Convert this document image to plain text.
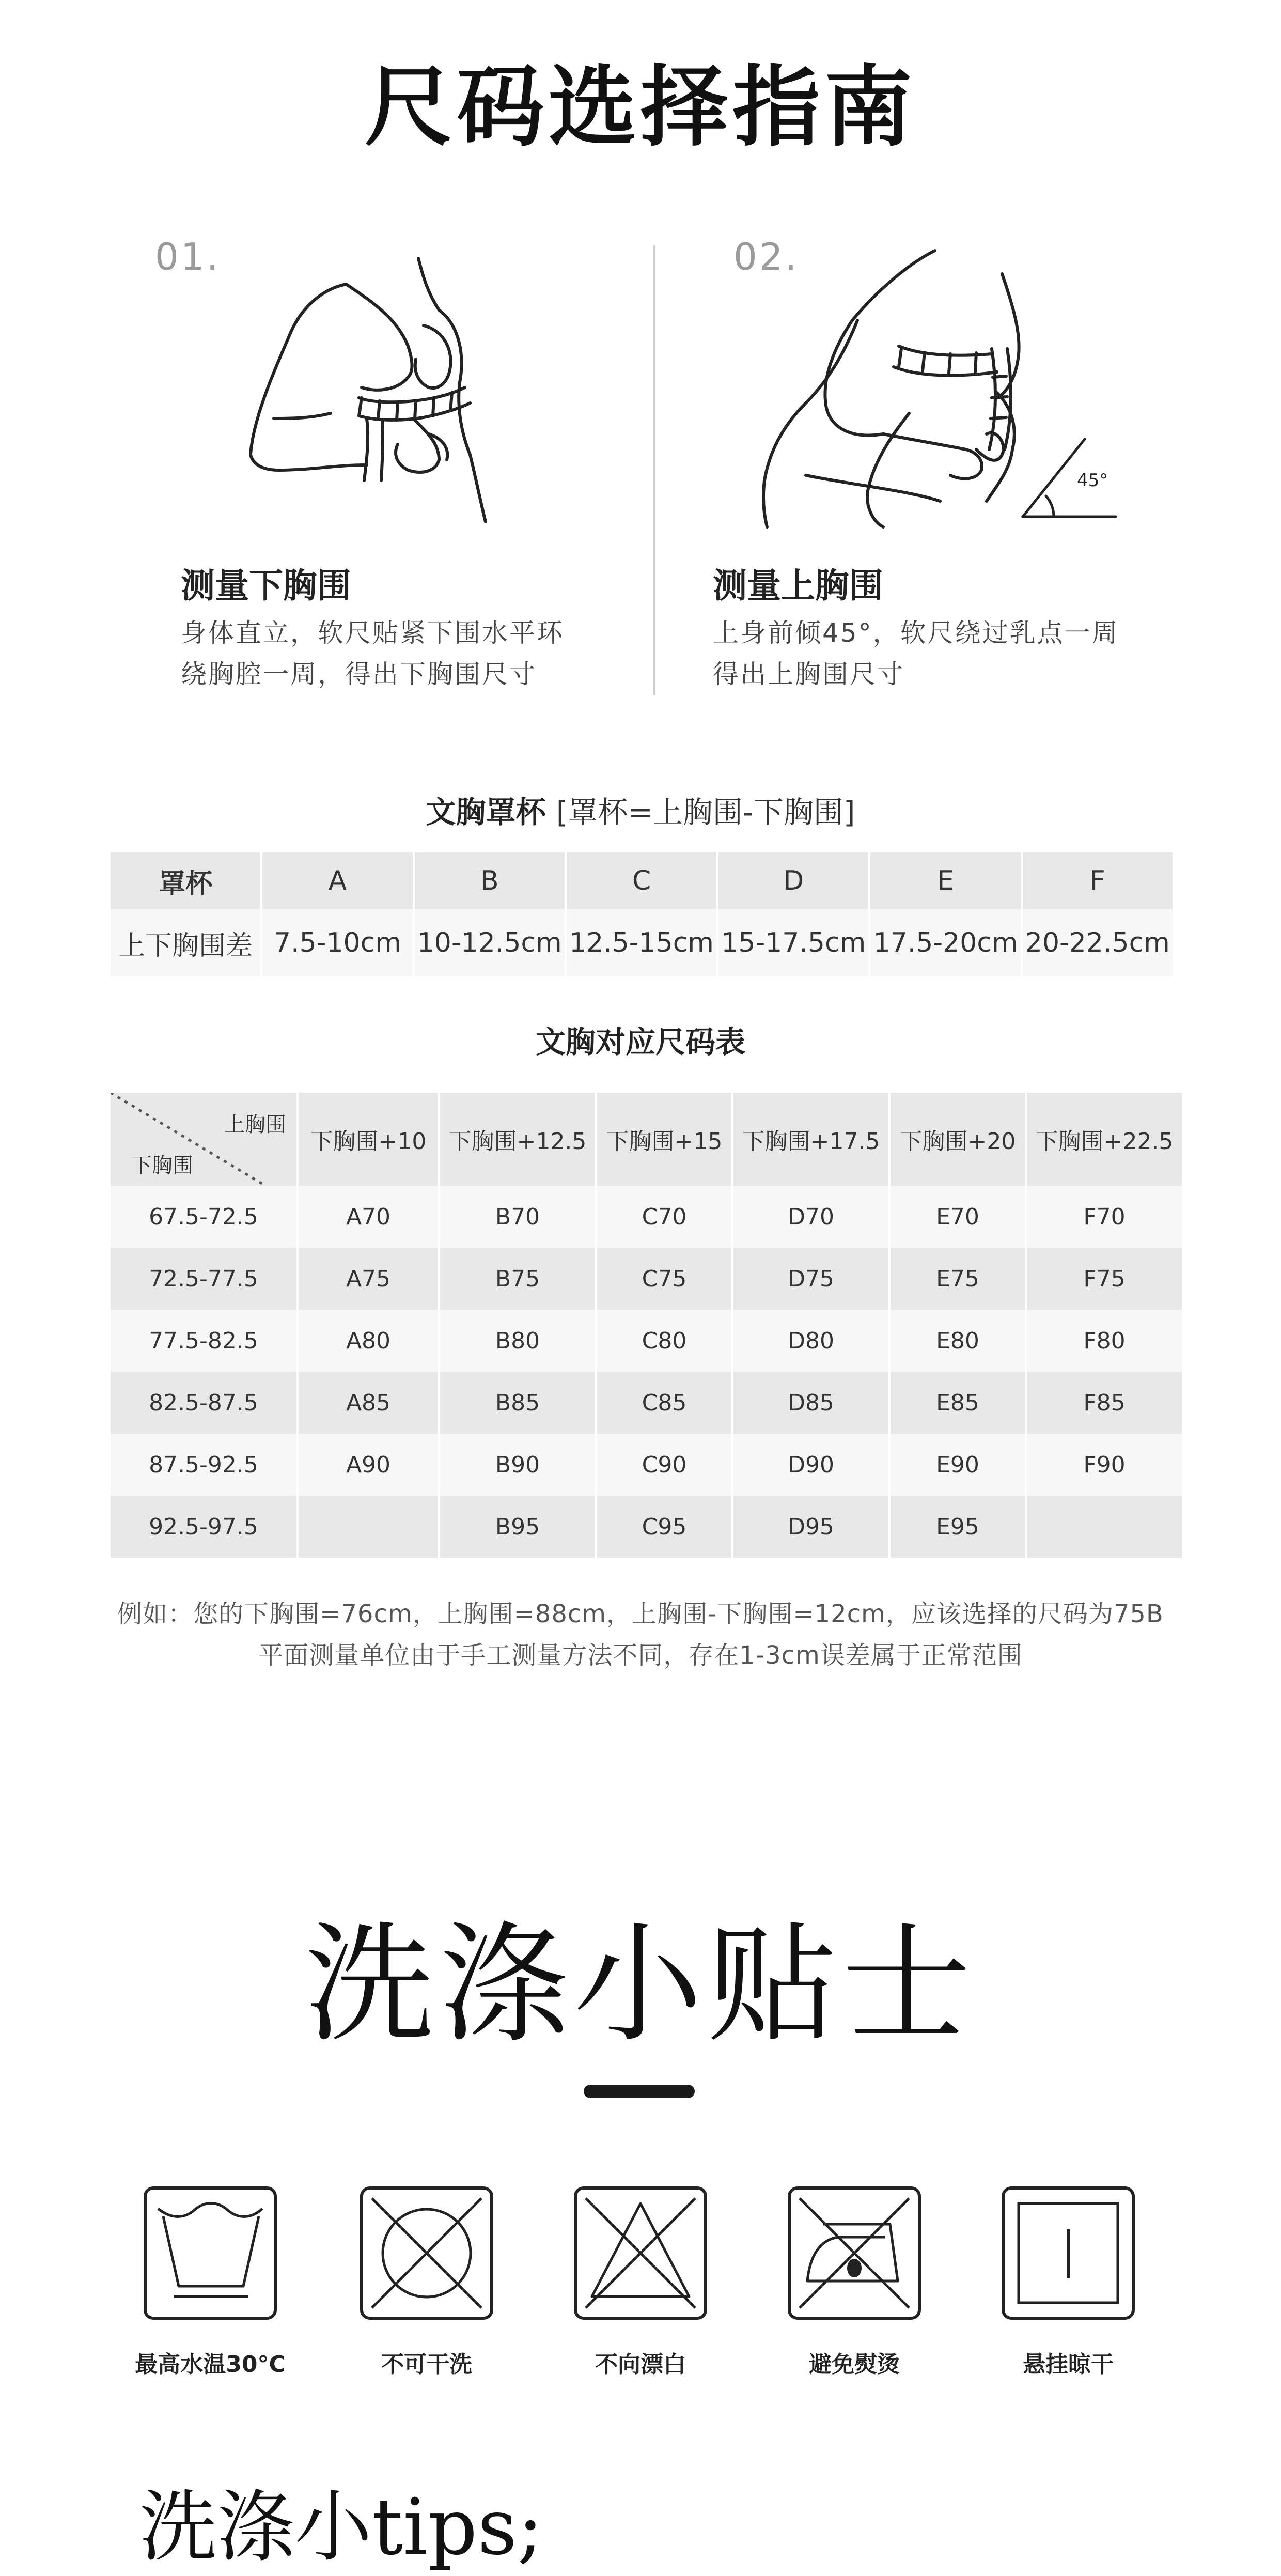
尺码选择指南
01.
测量下胸围
身体直立，软尺贴紧下围水平环
绕胸腔一周，得出下胸围尺寸
02.
45°
测量上胸围
上身前倾45°，软尺绕过乳点一周
得出上胸围尺寸
文胸罩杯 [罩杯=上胸围-下胸围]
罩杯	A	B	C	D	E	F
上下胸围差	7.5-10cm	10-12.5cm	12.5-15cm	15-17.5cm	17.5-20cm	20-22.5cm
文胸对应尺码表
上胸围
下胸围	下胸围+10	下胸围+12.5	下胸围+15	下胸围+17.5	下胸围+20	下胸围+22.5
67.5-72.5	A70	B70	C70	D70	E70	F70
72.5-77.5	A75	B75	C75	D75	E75	F75
77.5-82.5	A80	B80	C80	D80	E80	F80
82.5-87.5	A85	B85	C85	D85	E85	F85
87.5-92.5	A90	B90	C90	D90	E90	F90
92.5-97.5		B95	C95	D95	E95	
例如：您的下胸围=76cm，上胸围=88cm，上胸围-下胸围=12cm，应该选择的尺码为75B
平面测量单位由于手工测量方法不同，存在1-3cm误差属于正常范围
洗涤小贴士
最高水温30°C	不可干洗	不向漂白	避免熨烫	悬挂晾干
洗涤小tips;
